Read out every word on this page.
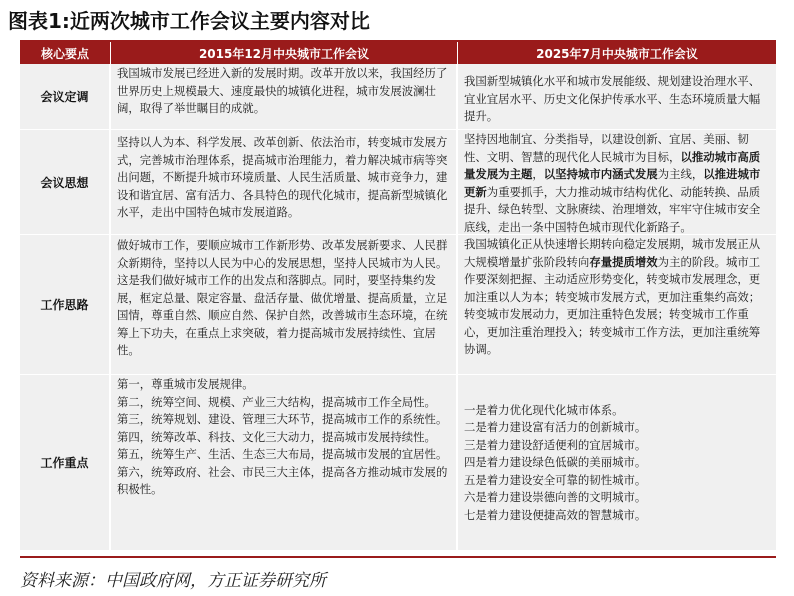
图表1:近两次城市工作会议主要内容对比
核心要点	2015年12月中央城市工作会议	2025年7月中央城市工作会议
会议定调

我国城市发展已经进入新的发展时期。改革开放以来，我国经历了世界历史上规模最大、速度最快的城镇化进程，城市发展波澜壮阔，取得了举世瞩目的成就。

我国新型城镇化水平和城市发展能级、规划建设治理水平、宜业宜居水平、历史文化保护传承水平、生态环境质量大幅提升。

会议思想

坚持以人为本、科学发展、改革创新、依法治市，转变城市发展方式，完善城市治理体系，提高城市治理能力，着力解决城市病等突出问题，不断提升城市环境质量、人民生活质量、城市竞争力，建设和谐宜居、富有活力、各具特色的现代化城市，提高新型城镇化水平，走出中国特色城市发展道路。

坚持因地制宜、分类指导，以建设创新、宜居、美丽、韧性、文明、智慧的现代化人民城市为目标，以推动城市高质量发展为主题，以坚持城市内涵式发展为主线，以推进城市更新为重要抓手，大力推动城市结构优化、动能转换、品质提升、绿色转型、文脉赓续、治理增效，牢牢守住城市安全底线，走出一条中国特色城市现代化新路子。

工作思路

做好城市工作，要顺应城市工作新形势、改革发展新要求、人民群众新期待，坚持以人民为中心的发展思想，坚持人民城市为人民。这是我们做好城市工作的出发点和落脚点。同时，要坚持集约发展，框定总量、限定容量、盘活存量、做优增量、提高质量，立足国情，尊重自然、顺应自然、保护自然，改善城市生态环境，在统筹上下功夫，在重点上求突破，着力提高城市发展持续性、宜居性。

我国城镇化正从快速增长期转向稳定发展期，城市发展正从大规模增量扩张阶段转向存量提质增效为主的阶段。城市工作要深刻把握、主动适应形势变化，转变城市发展理念，更加注重以人为本；转变城市发展方式，更加注重集约高效；转变城市发展动力，更加注重特色发展；转变城市工作重心，更加注重治理投入；转变城市工作方法，更加注重统筹协调。

工作重点

第一，尊重城市发展规律。

第二，统筹空间、规模、产业三大结构，提高城市工作全局性。

第三，统筹规划、建设、管理三大环节，提高城市工作的系统性。

第四，统筹改革、科技、文化三大动力，提高城市发展持续性。

第五，统筹生产、生活、生态三大布局，提高城市发展的宜居性。

第六，统筹政府、社会、市民三大主体，提高各方推动城市发展的积极性。

一是着力优化现代化城市体系。

二是着力建设富有活力的创新城市。

三是着力建设舒适便利的宜居城市。

四是着力建设绿色低碳的美丽城市。

五是着力建设安全可靠的韧性城市。

六是着力建设崇德向善的文明城市。

七是着力建设便捷高效的智慧城市。

资料来源：中国政府网，方正证券研究所
